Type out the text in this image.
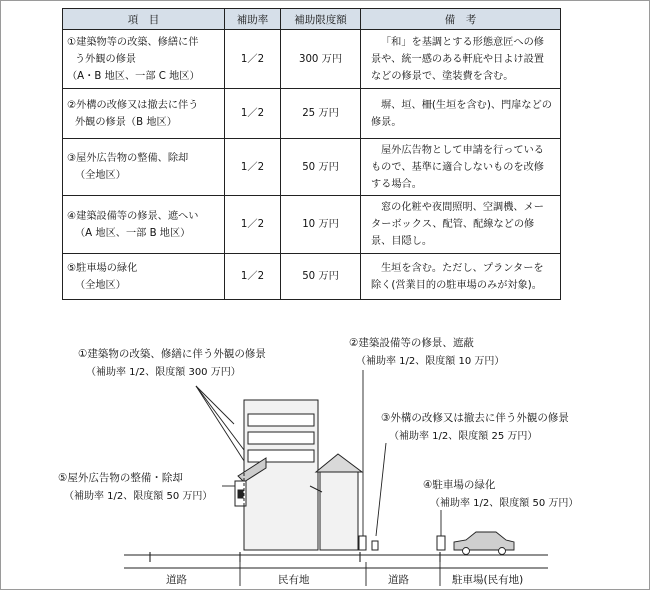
項　目	補助率	補助限度額	備　考

①建築物等の改築、修繕に伴
う外観の修景
（A・B 地区、一部 C 地区）	1／2	300 万円	「和」を基調とする形態意匠への修
景や、統一感のある軒庇や日よけ設置
などの修景で、塗装費を含む。

②外構の改修又は撤去に伴う
外観の修景（B 地区）	1／2	25 万円	塀、垣、柵(生垣を含む)、門扉などの
修景。

③屋外広告物の整備、除却
（全地区）	1／2	50 万円	屋外広告物として申請を行っている
もので、基準に適合しないものを改修
する場合。

④建築設備等の修景、遮へい
（A 地区、一部 B 地区）	1／2	10 万円	窓の化粧や夜間照明、空調機、メー
ターボックス、配管、配線などの修
景、目隠し。

⑤駐車場の緑化
（全地区）	1／2	50 万円	生垣を含む。ただし、プランターを
除く(営業目的の駐車場のみが対象)。
①建築物の改築、修繕に伴う外観の修景
（補助率 1/2、限度額 300 万円）
②建築設備等の修景、遮蔽
（補助率 1/2、限度額 10 万円）
③外構の改修又は撤去に伴う外観の修景
（補助率 1/2、限度額 25 万円）
④駐車場の緑化
（補助率 1/2、限度額 50 万円）
⑤屋外広告物の整備・除却
（補助率 1/2、限度額 50 万円）
道路	民有地	道路	駐車場(民有地)
